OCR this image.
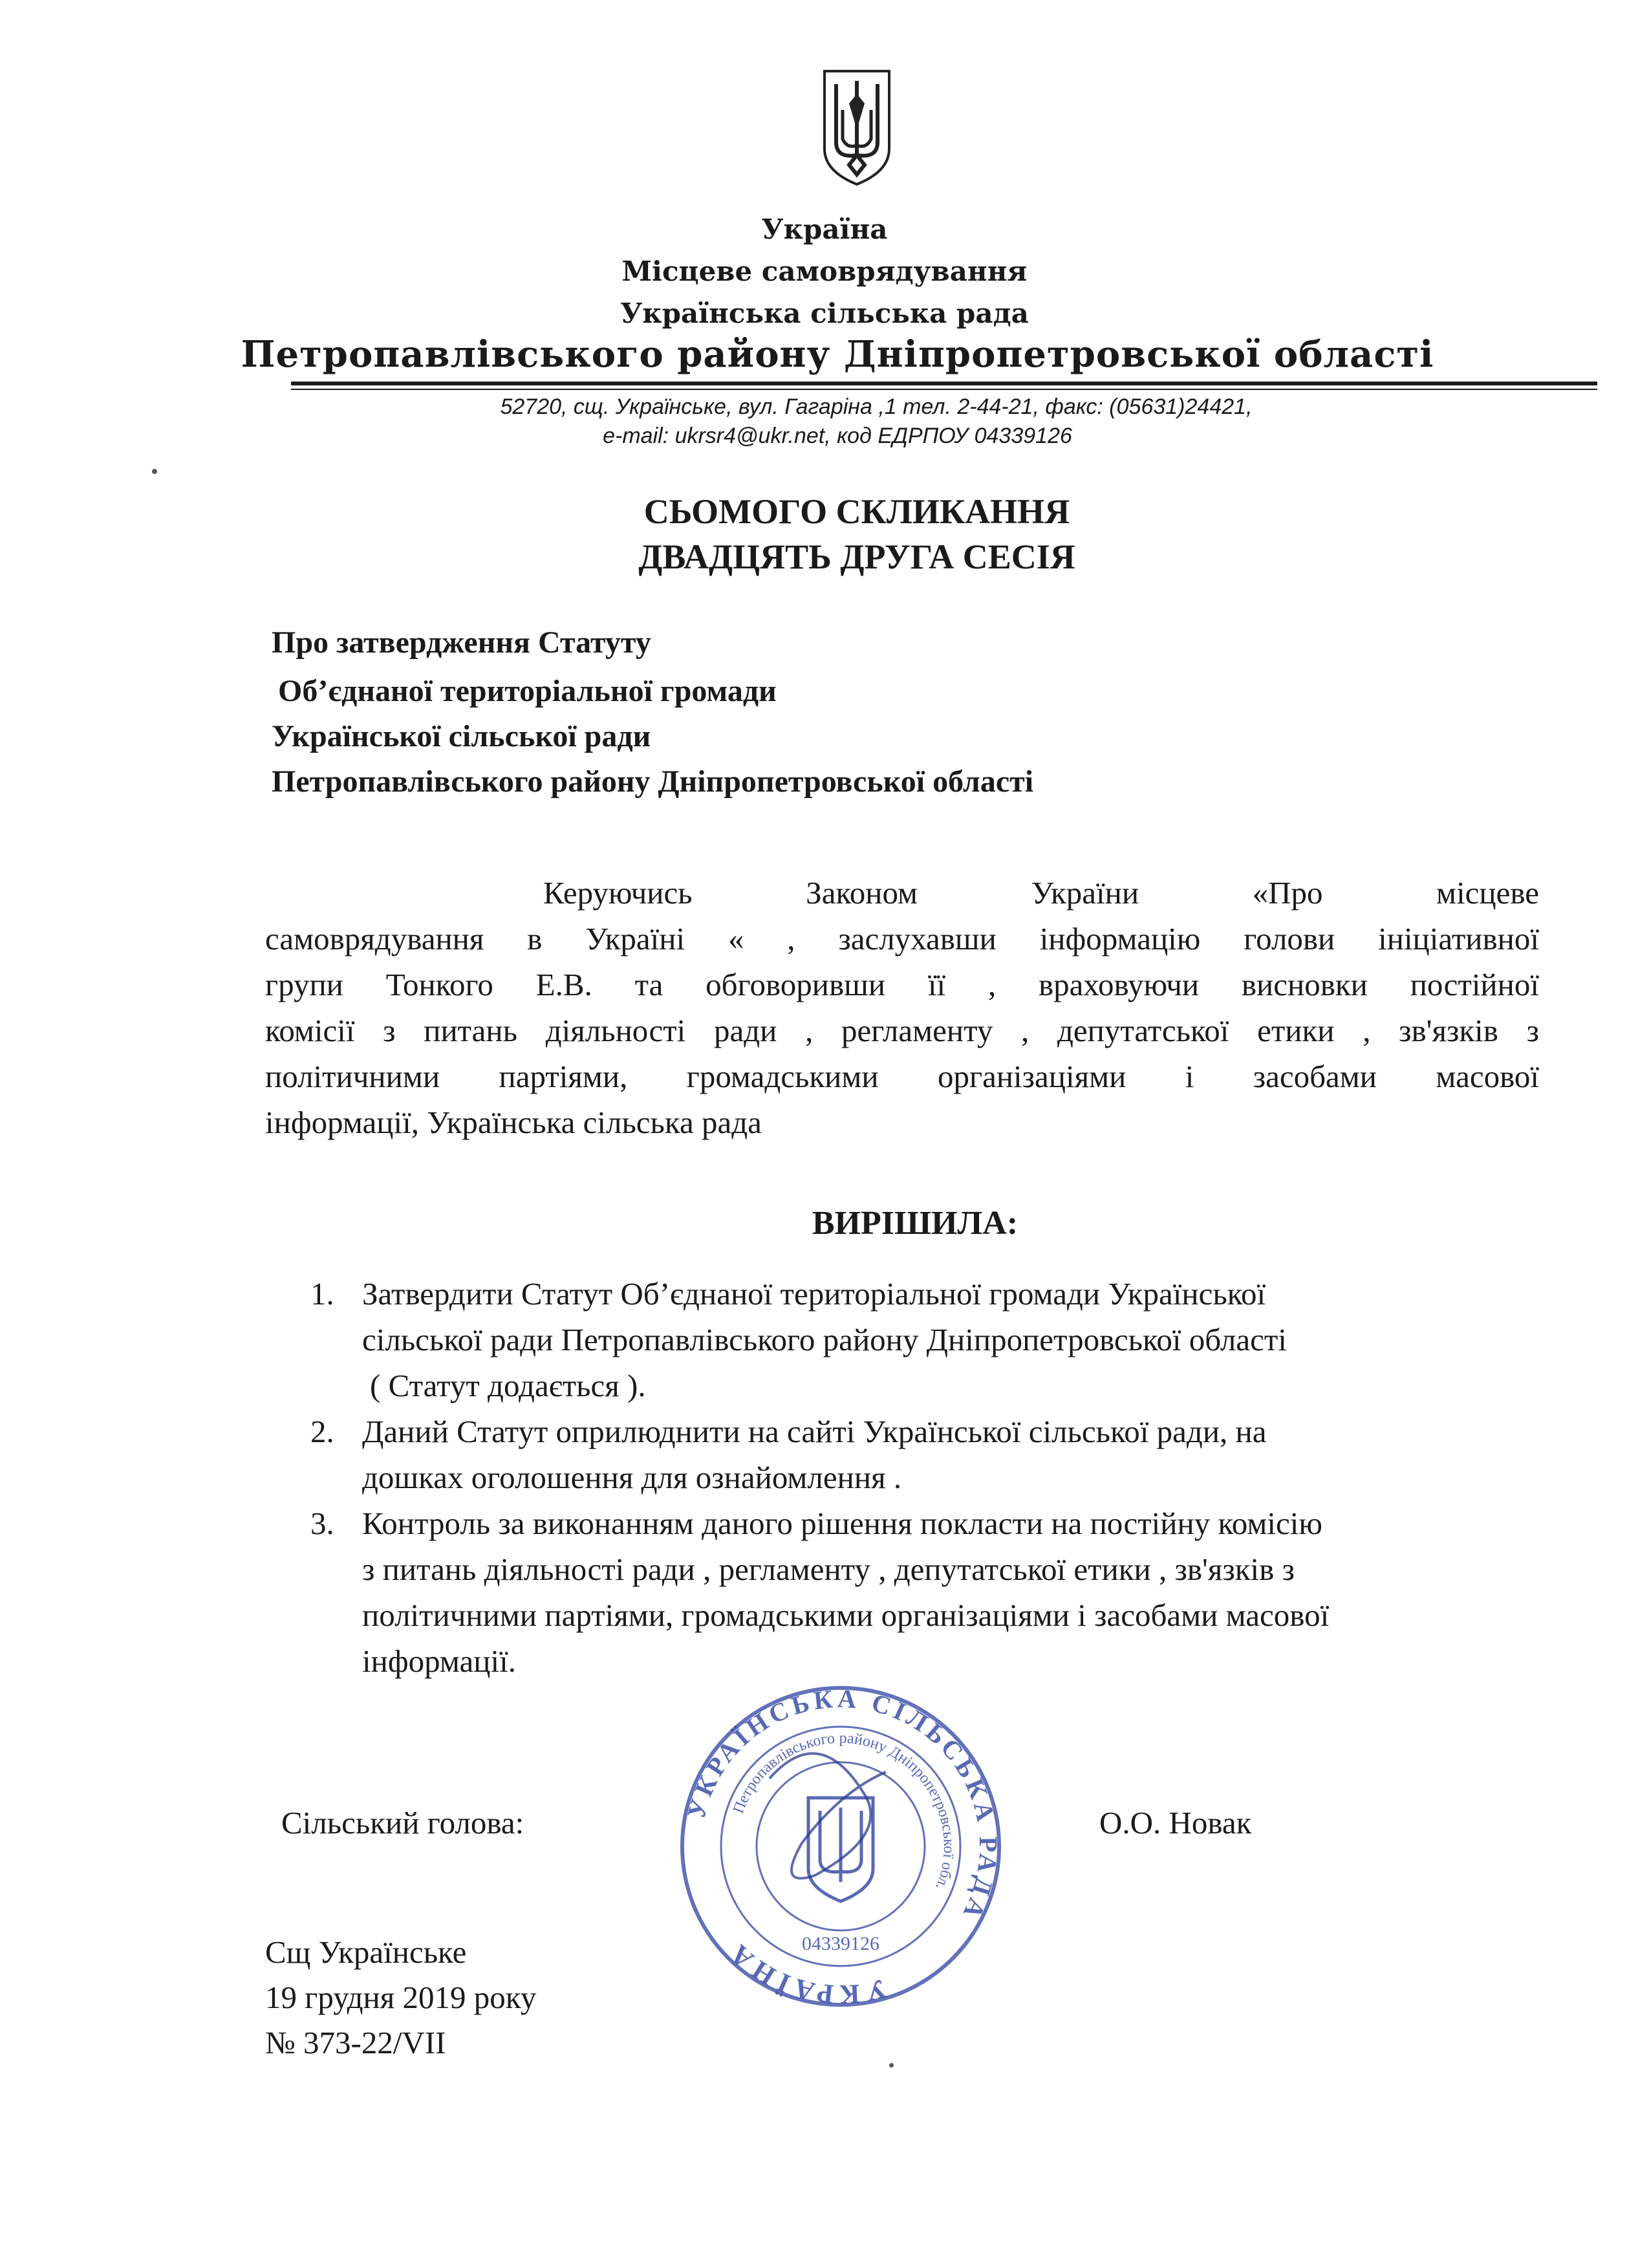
Україна
Місцеве самоврядування
Українська сільська рада
Петропавлівського району Дніпропетровської області
52720, сщ. Українське, вул. Гагаріна ,1 тел. 2-44-21, факс: (05631)24421,
e-mail: ukrsr4@ukr.net, код ЕДРПОУ 04339126
СЬОМОГО СКЛИКАННЯ
ДВАДЦЯТЬ ДРУГА СЕСІЯ
Про затвердження Статуту
Об’єднаної територіальної громади
Української сільської ради
Петропавлівського району Дніпропетровської області
Керуючись Законом України «Про місцеве
самоврядування в Україні « , заслухавши інформацію голови ініціативної
групи Тонкого Е.В. та обговоривши її , враховуючи висновки постійної
комісії з питань діяльності ради , регламенту , депутатської етики , зв'язків з
політичними партіями, громадськими організаціями і засобами масової
інформації, Українська сільська рада
ВИРІШИЛА:
1. Затвердити Статут Об’єднаної територіальної громади Української
сільської ради Петропавлівського району Дніпропетровської області
( Статут додається ).
2. Даний Статут оприлюднити на сайті Української сільської ради, на
дошках оголошення для ознайомлення .
3. Контроль за виконанням даного рішення покласти на постійну комісію
з питань діяльності ради , регламенту , депутатської етики , зв'язків з
політичними партіями, громадськими організаціями і засобами масової
інформації.
УКРАЇНСЬКА СІЛЬСЬКА РАДА
УКРАЇНА
Петропавлівського району Дніпропетровської обл.
04339126
Сільський голова:	О.О. Новак
Сщ Українське
19 грудня 2019 року
№ 373-22/VII
